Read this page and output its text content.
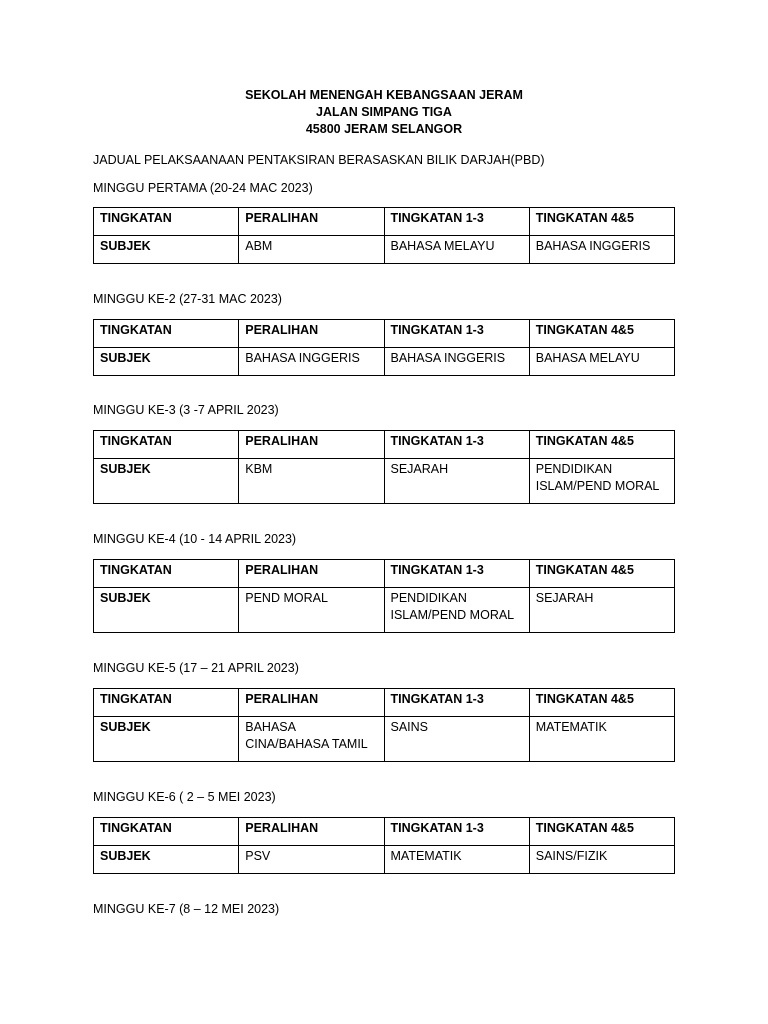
SEKOLAH MENENGAH KEBANGSAAN JERAM
JALAN SIMPANG TIGA
45800 JERAM SELANGOR
JADUAL PELAKSAANAAN PENTAKSIRAN BERASASKAN BILIK DARJAH(PBD)
MINGGU PERTAMA (20-24 MAC 2023)
TINGKATAN	PERALIHAN	TINGKATAN 1-3	TINGKATAN 4&5
SUBJEK	ABM	BAHASA MELAYU	BAHASA INGGERIS
MINGGU KE-2 (27-31 MAC 2023)
TINGKATAN	PERALIHAN	TINGKATAN 1-3	TINGKATAN 4&5
SUBJEK	BAHASA INGGERIS	BAHASA INGGERIS	BAHASA MELAYU
MINGGU KE-3 (3 -7 APRIL 2023)
TINGKATAN	PERALIHAN	TINGKATAN 1-3	TINGKATAN 4&5
SUBJEK	KBM	SEJARAH	PENDIDIKAN ISLAM/PEND MORAL
MINGGU KE-4 (10 - 14 APRIL 2023)
TINGKATAN	PERALIHAN	TINGKATAN 1-3	TINGKATAN 4&5
SUBJEK	PEND MORAL	PENDIDIKAN ISLAM/PEND MORAL	SEJARAH
MINGGU KE-5 (17 – 21 APRIL 2023)
TINGKATAN	PERALIHAN	TINGKATAN 1-3	TINGKATAN 4&5
SUBJEK	BAHASA CINA/BAHASA TAMIL	SAINS	MATEMATIK
MINGGU KE-6 ( 2 – 5 MEI 2023)
TINGKATAN	PERALIHAN	TINGKATAN 1-3	TINGKATAN 4&5
SUBJEK	PSV	MATEMATIK	SAINS/FIZIK
MINGGU KE-7 (8 – 12 MEI 2023)
